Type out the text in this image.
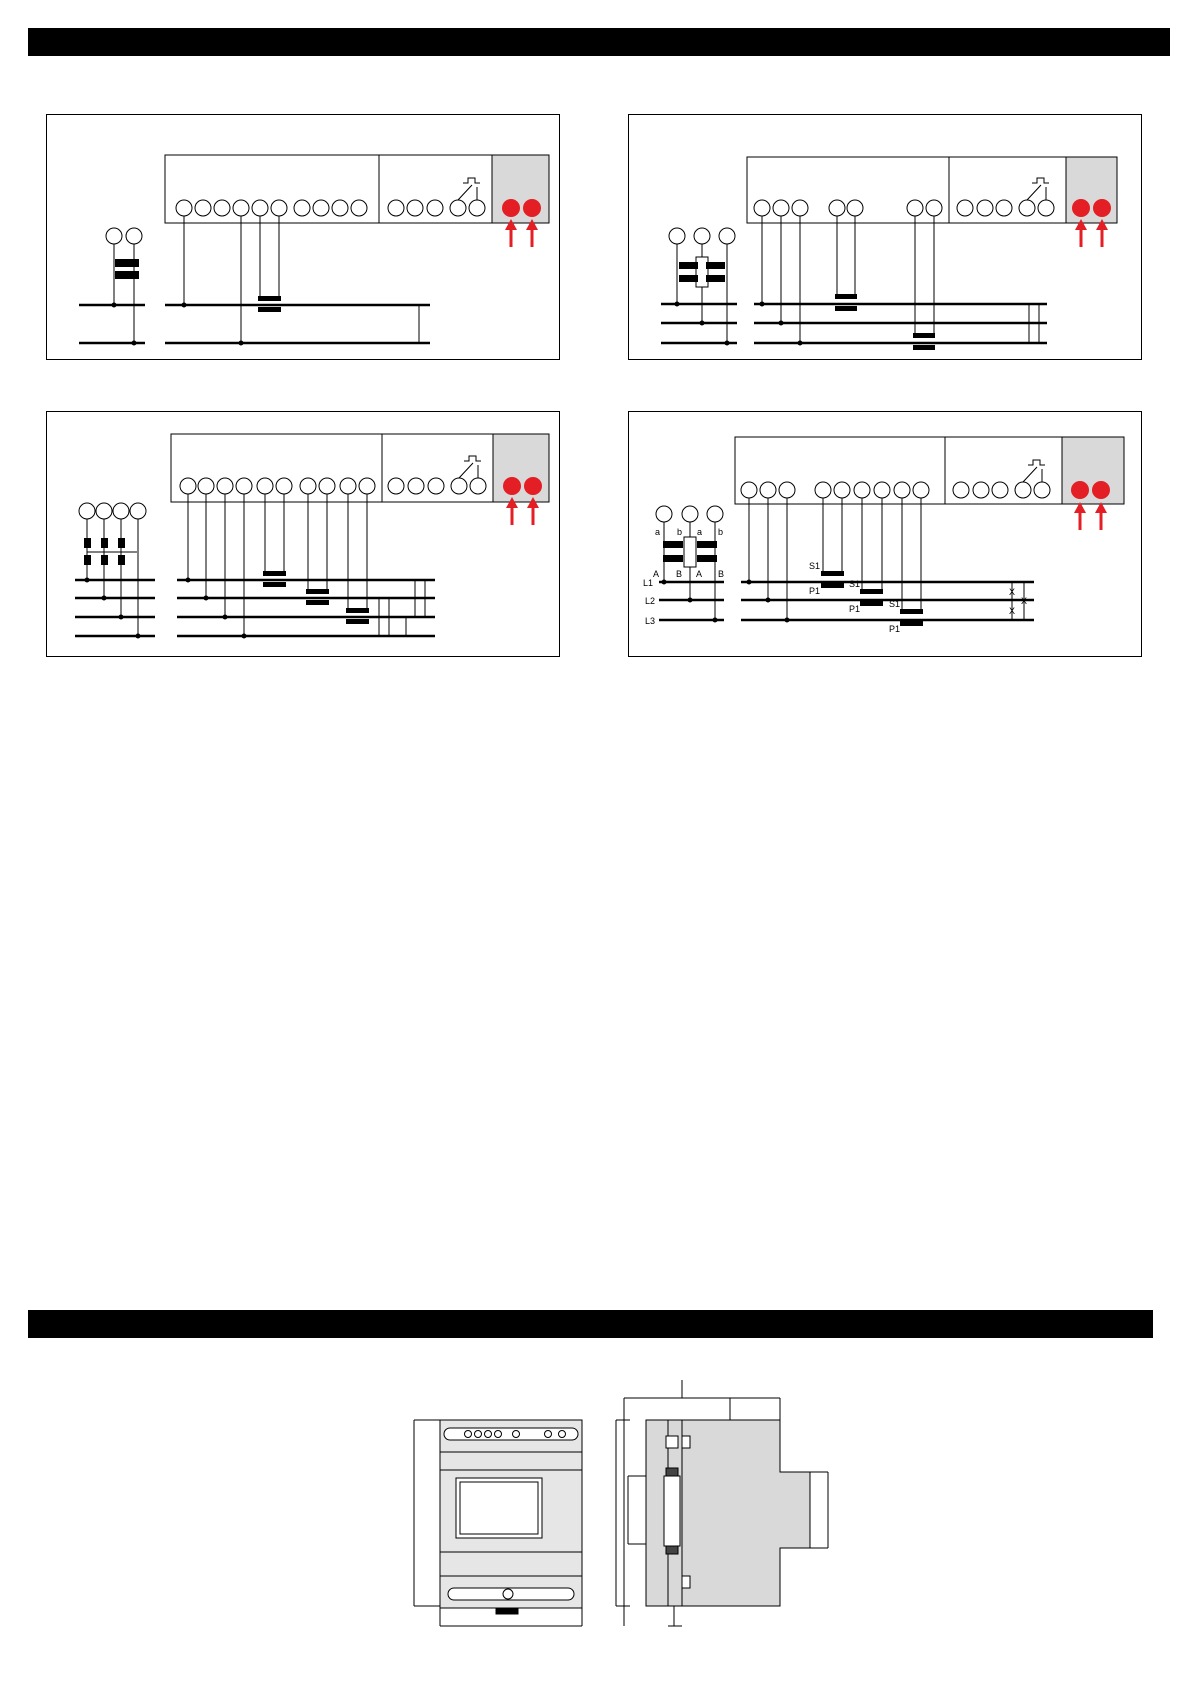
a b a b
A B A B
L1
L2
L3
S1
P1
S1
P1	S1
P1
X
X
X
